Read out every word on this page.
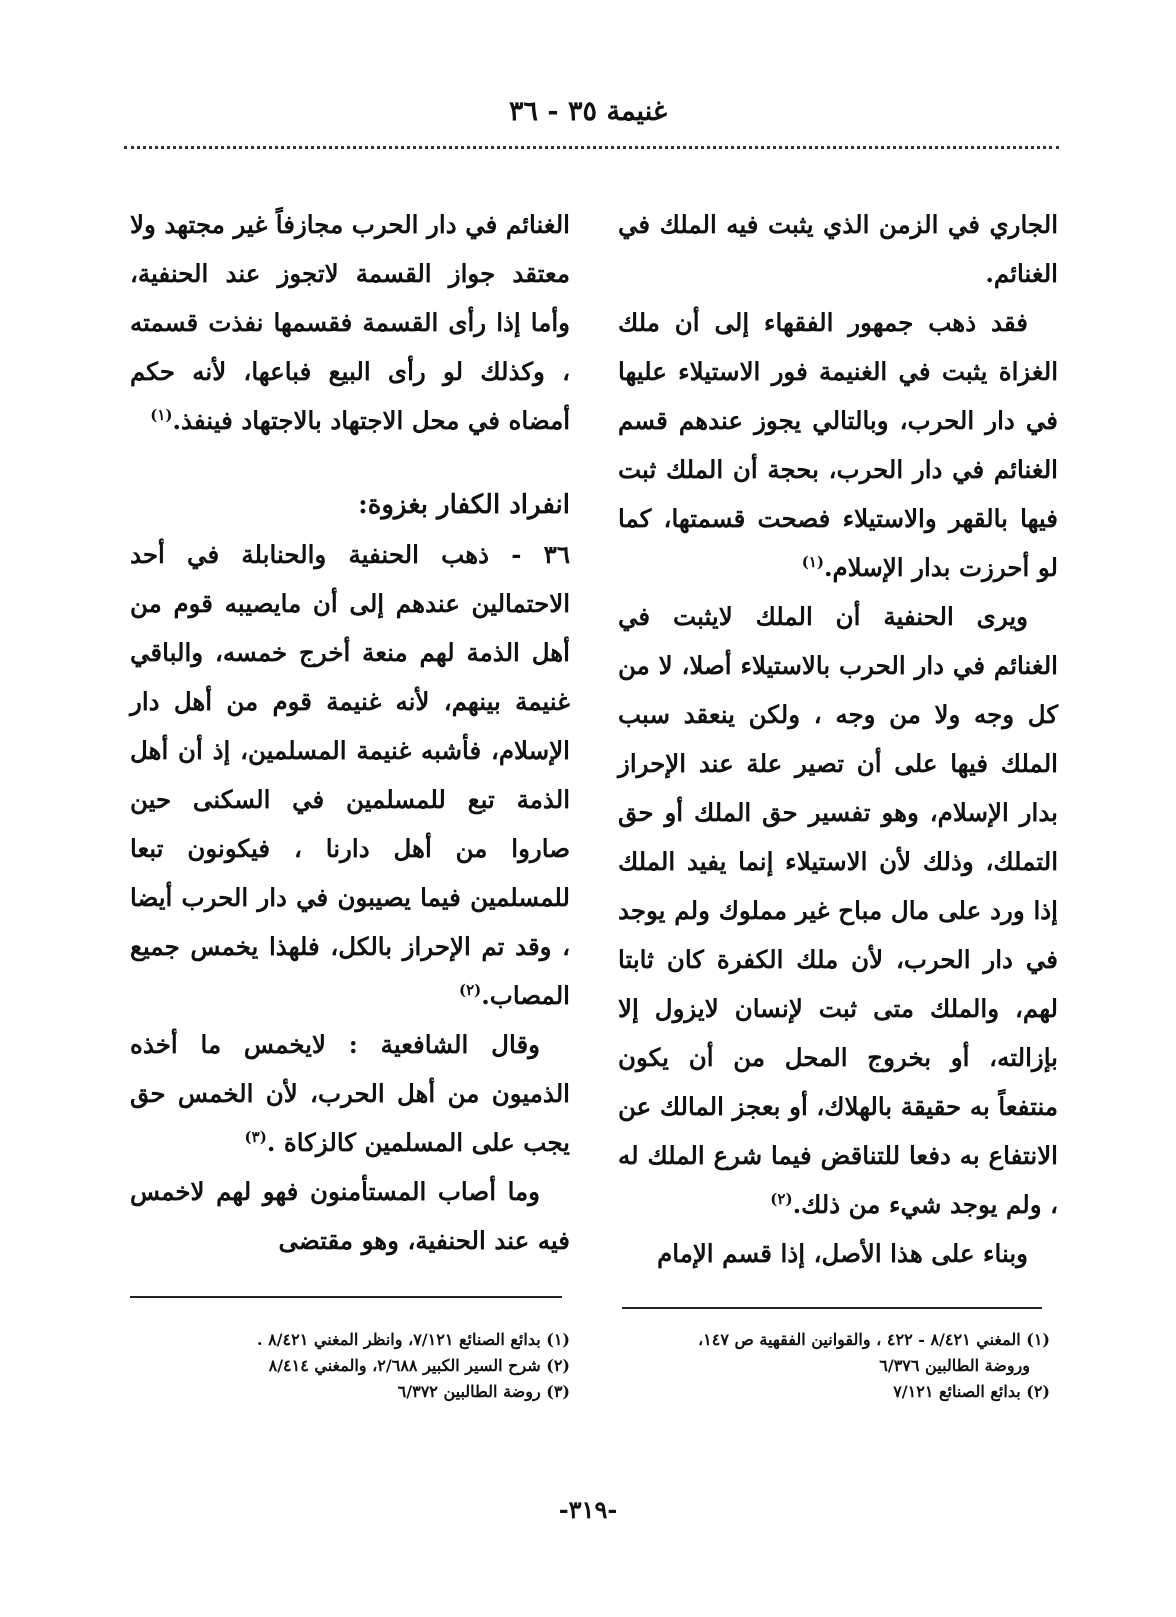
غنيمة ٣٥ - ٣٦

الجاري في الزمن الذي يثبت فيه الملك في الغنائم.

فقد ذهب جمهور الفقهاء إلى أن ملك الغزاة يثبت في الغنيمة فور الاستيلاء عليها في دار الحرب، وبالتالي يجوز عندهم قسم الغنائم في دار الحرب، بحجة أن الملك ثبت فيها بالقهر والاستيلاء فصحت قسمتها، كما لو أحرزت بدار الإسلام.$^{(١)}$

ويرى الحنفية أن الملك لايثبت في الغنائم في دار الحرب بالاستيلاء أصلا، لا من كل وجه ولا من وجه ، ولكن ينعقد سبب الملك فيها على أن تصير علة عند الإحراز بدار الإسلام، وهو تفسير حق الملك أو حق التملك، وذلك لأن الاستيلاء إنما يفيد الملك إذا ورد على مال مباح غير مملوك ولم يوجد في دار الحرب، لأن ملك الكفرة كان ثابتا لهم، والملك متى ثبت لإنسان لايزول إلا بإزالته، أو بخروج المحل من أن يكون منتفعاً به حقيقة بالهلاك، أو بعجز المالك عن الانتفاع به دفعا للتناقض فيما شرع الملك له ، ولم يوجد شيء من ذلك.$^{(٢)}$

وبناء على هذا الأصل، إذا قسم الإمام

الغنائم في دار الحرب مجازفاً غير مجتهد ولا معتقد جواز القسمة لاتجوز عند الحنفية، وأما إذا رأى القسمة فقسمها نفذت قسمته ، وكذلك لو رأى البيع فباعها، لأنه حكم أمضاه في محل الاجتهاد بالاجتهاد فينفذ.$^{(١)}$

انفراد الكفار بغزوة:

٣٦ - ذهب الحنفية والحنابلة في أحد الاحتمالين عندهم إلى أن مايصيبه قوم من أهل الذمة لهم منعة أخرج خمسه، والباقي غنيمة بينهم، لأنه غنيمة قوم من أهل دار الإسلام، فأشبه غنيمة المسلمين، إذ أن أهل الذمة تبع للمسلمين في السكنى حين صاروا من أهل دارنا ، فيكونون تبعا للمسلمين فيما يصيبون في دار الحرب أيضا ، وقد تم الإحراز بالكل، فلهذا يخمس جميع المصاب.$^{(٢)}$

وقال الشافعية : لايخمس ما أخذه الذميون من أهل الحرب، لأن الخمس حق يجب على المسلمين كالزكاة .$^{(٣)}$

وما أصاب المستأمنون فهو لهم لاخمس فيه عند الحنفية، وهو مقتضى

(١) المغني ٨/٤٢١ - ٤٢٢ ، والقوانين الفقهية ص ١٤٧،

وروضة الطالبين ٦/٣٧٦

(٢) بدائع الصنائع ٧/١٢١

(١) بدائع الصنائع ٧/١٢١، وانظر المغني ٨/٤٢١ .

(٢) شرح السير الكبير ٢/٦٨٨، والمغني ٨/٤١٤

(٣) روضة الطالبين ٦/٣٧٢

-٣١٩-
